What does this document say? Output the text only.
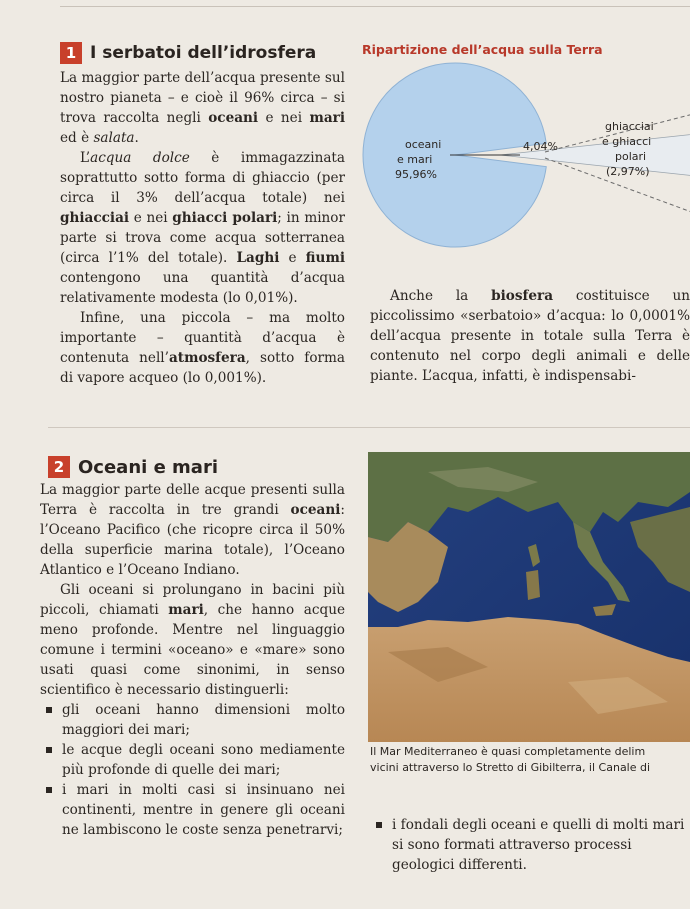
1 I serbatoi dell’idrosfera

La maggior parte dell’acqua presente sul nostro pianeta – e cioè il 96% circa – si trova raccolta negli oceani e nei mari ed è salata.

L’acqua dolce è immagazzinata soprattutto sotto forma di ghiaccio (per circa il 3% dell’acqua totale) nei ghiacciai e nei ghiacci polari; in minor parte si trova come acqua sotterranea (circa l’1% del totale). Laghi e fiumi contengono una quantità d’acqua relativamente modesta (lo 0,01%).

Infine, una piccola – ma molto importante – quantità d’acqua è contenuta nell’atmosfera, sotto forma di vapore acqueo (lo 0,001%).

Ripartizione dell’acqua sulla Terra
oceani
e mari
95,96%
4,04%
ghiacciai
e ghiacci
polari
(2,97%)

Anche la biosfera costituisce un piccolissimo «serbatoio» d’acqua: lo 0,0001% dell’acqua presente in totale sulla Terra è contenuto nel corpo degli animali e delle piante. L’acqua, infatti, è indispensabi-

2 Oceani e mari

La maggior parte delle acque presenti sulla Terra è raccolta in tre grandi oceani: l’Oceano Pacifico (che ricopre circa il 50% della superficie marina totale), l’Oceano Atlantico e l’Oceano Indiano.

Gli oceani si prolungano in bacini più piccoli, chiamati mari, che hanno acque meno profonde. Mentre nel linguaggio comune i termini «oceano» e «mare» sono usati quasi come sinonimi, in senso scientifico è necessario distinguerli:

gli oceani hanno dimensioni molto maggiori dei mari;
le acque degli oceani sono mediamente più profonde di quelle dei mari;
i mari in molti casi si insinuano nei continenti, mentre in genere gli oceani ne lambiscono le coste senza penetrarvi;
Il Mar Mediterraneo è quasi completamente delim
vicini attraverso lo Stretto di Gibilterra, il Canale di
i fondali degli oceani e quelli di molti mari si sono formati attraverso processi geologici differenti.
